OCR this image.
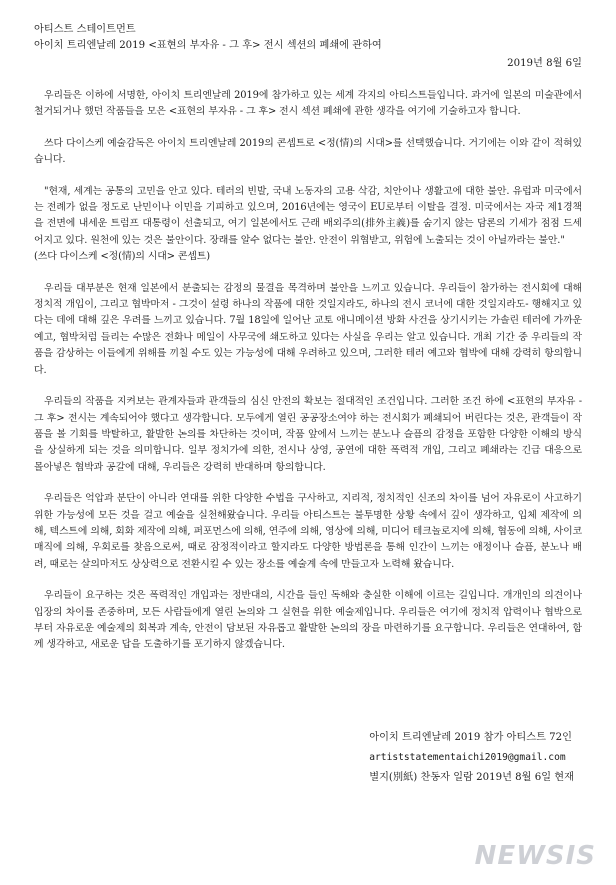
아티스트 스테이트먼트
아이치 트리엔날레 2019 <표현의 부자유 - 그 후> 전시 섹션의 폐쇄에 관하여
2019년 8월 6일

우리들은 이하에 서명한, 아이치 트리엔날레 2019에 참가하고 있는 세계 각지의 아티스트들입니다. 과거에 일본의 미술관에서 철거되거나 했던 작품들을 모은 <표현의 부자유 - 그 후> 전시 섹션 폐쇄에 관한 생각을 여기에 기술하고자 합니다.

쓰다 다이스케 예술감독은 아이치 트리엔날레 2019의 콘셉트로 <정(情)의 시대>를 선택했습니다. 거기에는 이와 같이 적혀있습니다.

"현재, 세계는 공통의 고민을 안고 있다. 테러의 빈발, 국내 노동자의 고용 삭감, 치안이나 생활고에 대한 불안. 유럽과 미국에서는 전례가 없을 정도로 난민이나 이민을 기피하고 있으며, 2016년에는 영국이 EU로부터 이탈을 결정. 미국에서는 자국 제1경책을 전면에 내세운 트럼프 대통령이 선출되고, 여기 일본에서도 근래 배외주의(排外主義)를 숨기지 않는 담론의 기세가 점점 드세어지고 있다. 원천에 있는 것은 불안이다. 장래를 알수 없다는 불안. 안전이 위협받고, 위험에 노출되는 것이 아닐까라는 불안."
(쓰다 다이스케 <정(情)의 시대> 콘셉트)

우리들 대부분은 현재 일본에서 분출되는 감정의 물결을 목격하며 불안을 느끼고 있습니다. 우리들이 참가하는 전시회에 대해 정치적 개입이, 그리고 협박마저 - 그것이 설령 하나의 작품에 대한 것일지라도, 하나의 전시 코너에 대한 것일지라도- 행해지고 있다는 데에 대해 깊은 우려를 느끼고 있습니다. 7월 18일에 일어난 교토 애니메이션 방화 사건을 상기시키는 가솔린 테러에 가까운 예고, 협박처럼 들리는 수많은 전화나 메일이 사무국에 쇄도하고 있다는 사실을 우리는 알고 있습니다. 개최 기간 중 우리들의 작품을 감상하는 이들에게 위해를 끼칠 수도 있는 가능성에 대해 우려하고 있으며, 그러한 테러 예고와 협박에 대해 강력히 항의합니다.

우리들의 작품을 지켜보는 관계자들과 관객들의 심신 안전의 확보는 절대적인 조건입니다. 그러한 조건 하에 <표현의 부자유 - 그 후> 전시는 계속되어야 했다고 생각합니다. 모두에게 열린 공공장소여야 하는 전시회가 폐쇄되어 버린다는 것은, 관객들이 작품을 볼 기회를 박탈하고, 활발한 논의를 차단하는 것이며, 작품 앞에서 느끼는 분노나 슬픔의 감정을 포함한 다양한 이해의 방식을 상실하게 되는 것을 의미합니다. 일부 정치가에 의한, 전시나 상영, 공연에 대한 폭력적 개입, 그리고 폐쇄라는 긴급 대응으로 몰아넣은 협박과 공갈에 대해, 우리들은 강력히 반대하며 항의합니다.

우리들은 억압과 분단이 아니라 연대를 위한 다양한 수법을 구사하고, 지리적, 정치적인 신조의 차이를 넘어 자유로이 사고하기 위한 가능성에 모든 것을 걸고 예술을 실천해왔습니다. 우리들 아티스트는 불투명한 상황 속에서 깊이 생각하고, 입체 제작에 의해, 텍스트에 의해, 회화 제작에 의해, 퍼포먼스에 의해, 연주에 의해, 영상에 의해, 미디어 테크놀로지에 의해, 협동에 의해, 사이코 매직에 의해, 우회로를 찾음으로써, 때로 잠정적이라고 할지라도 다양한 방법론을 통해 인간이 느끼는 애정이나 슬픔, 분노나 배려, 때로는 살의마저도 상상력으로 전환시킬 수 있는 장소를 예술계 속에 만들고자 노력해 왔습니다.

우리들이 요구하는 것은 폭력적인 개입과는 정반대의, 시간을 들인 독해와 충실한 이해에 이르는 길입니다. 개개인의 의견이나 입장의 차이를 존중하며, 모든 사람들에게 열린 논의와 그 실현을 위한 예술제입니다. 우리들은 여기에 정치적 압력이나 협박으로부터 자유로운 예술제의 회복과 계속, 안전이 담보된 자유롭고 활발한 논의의 장을 마련하기를 요구합니다. 우리들은 연대하여, 함께 생각하고, 새로운 답을 도출하기를 포기하지 않겠습니다.

아이치 트리엔날레 2019 참가 아티스트 72인
artiststatementaichi2019@gmail.com
별지(別紙) 찬동자 일람 2019년 8월 6일 현재
NEWSIS
